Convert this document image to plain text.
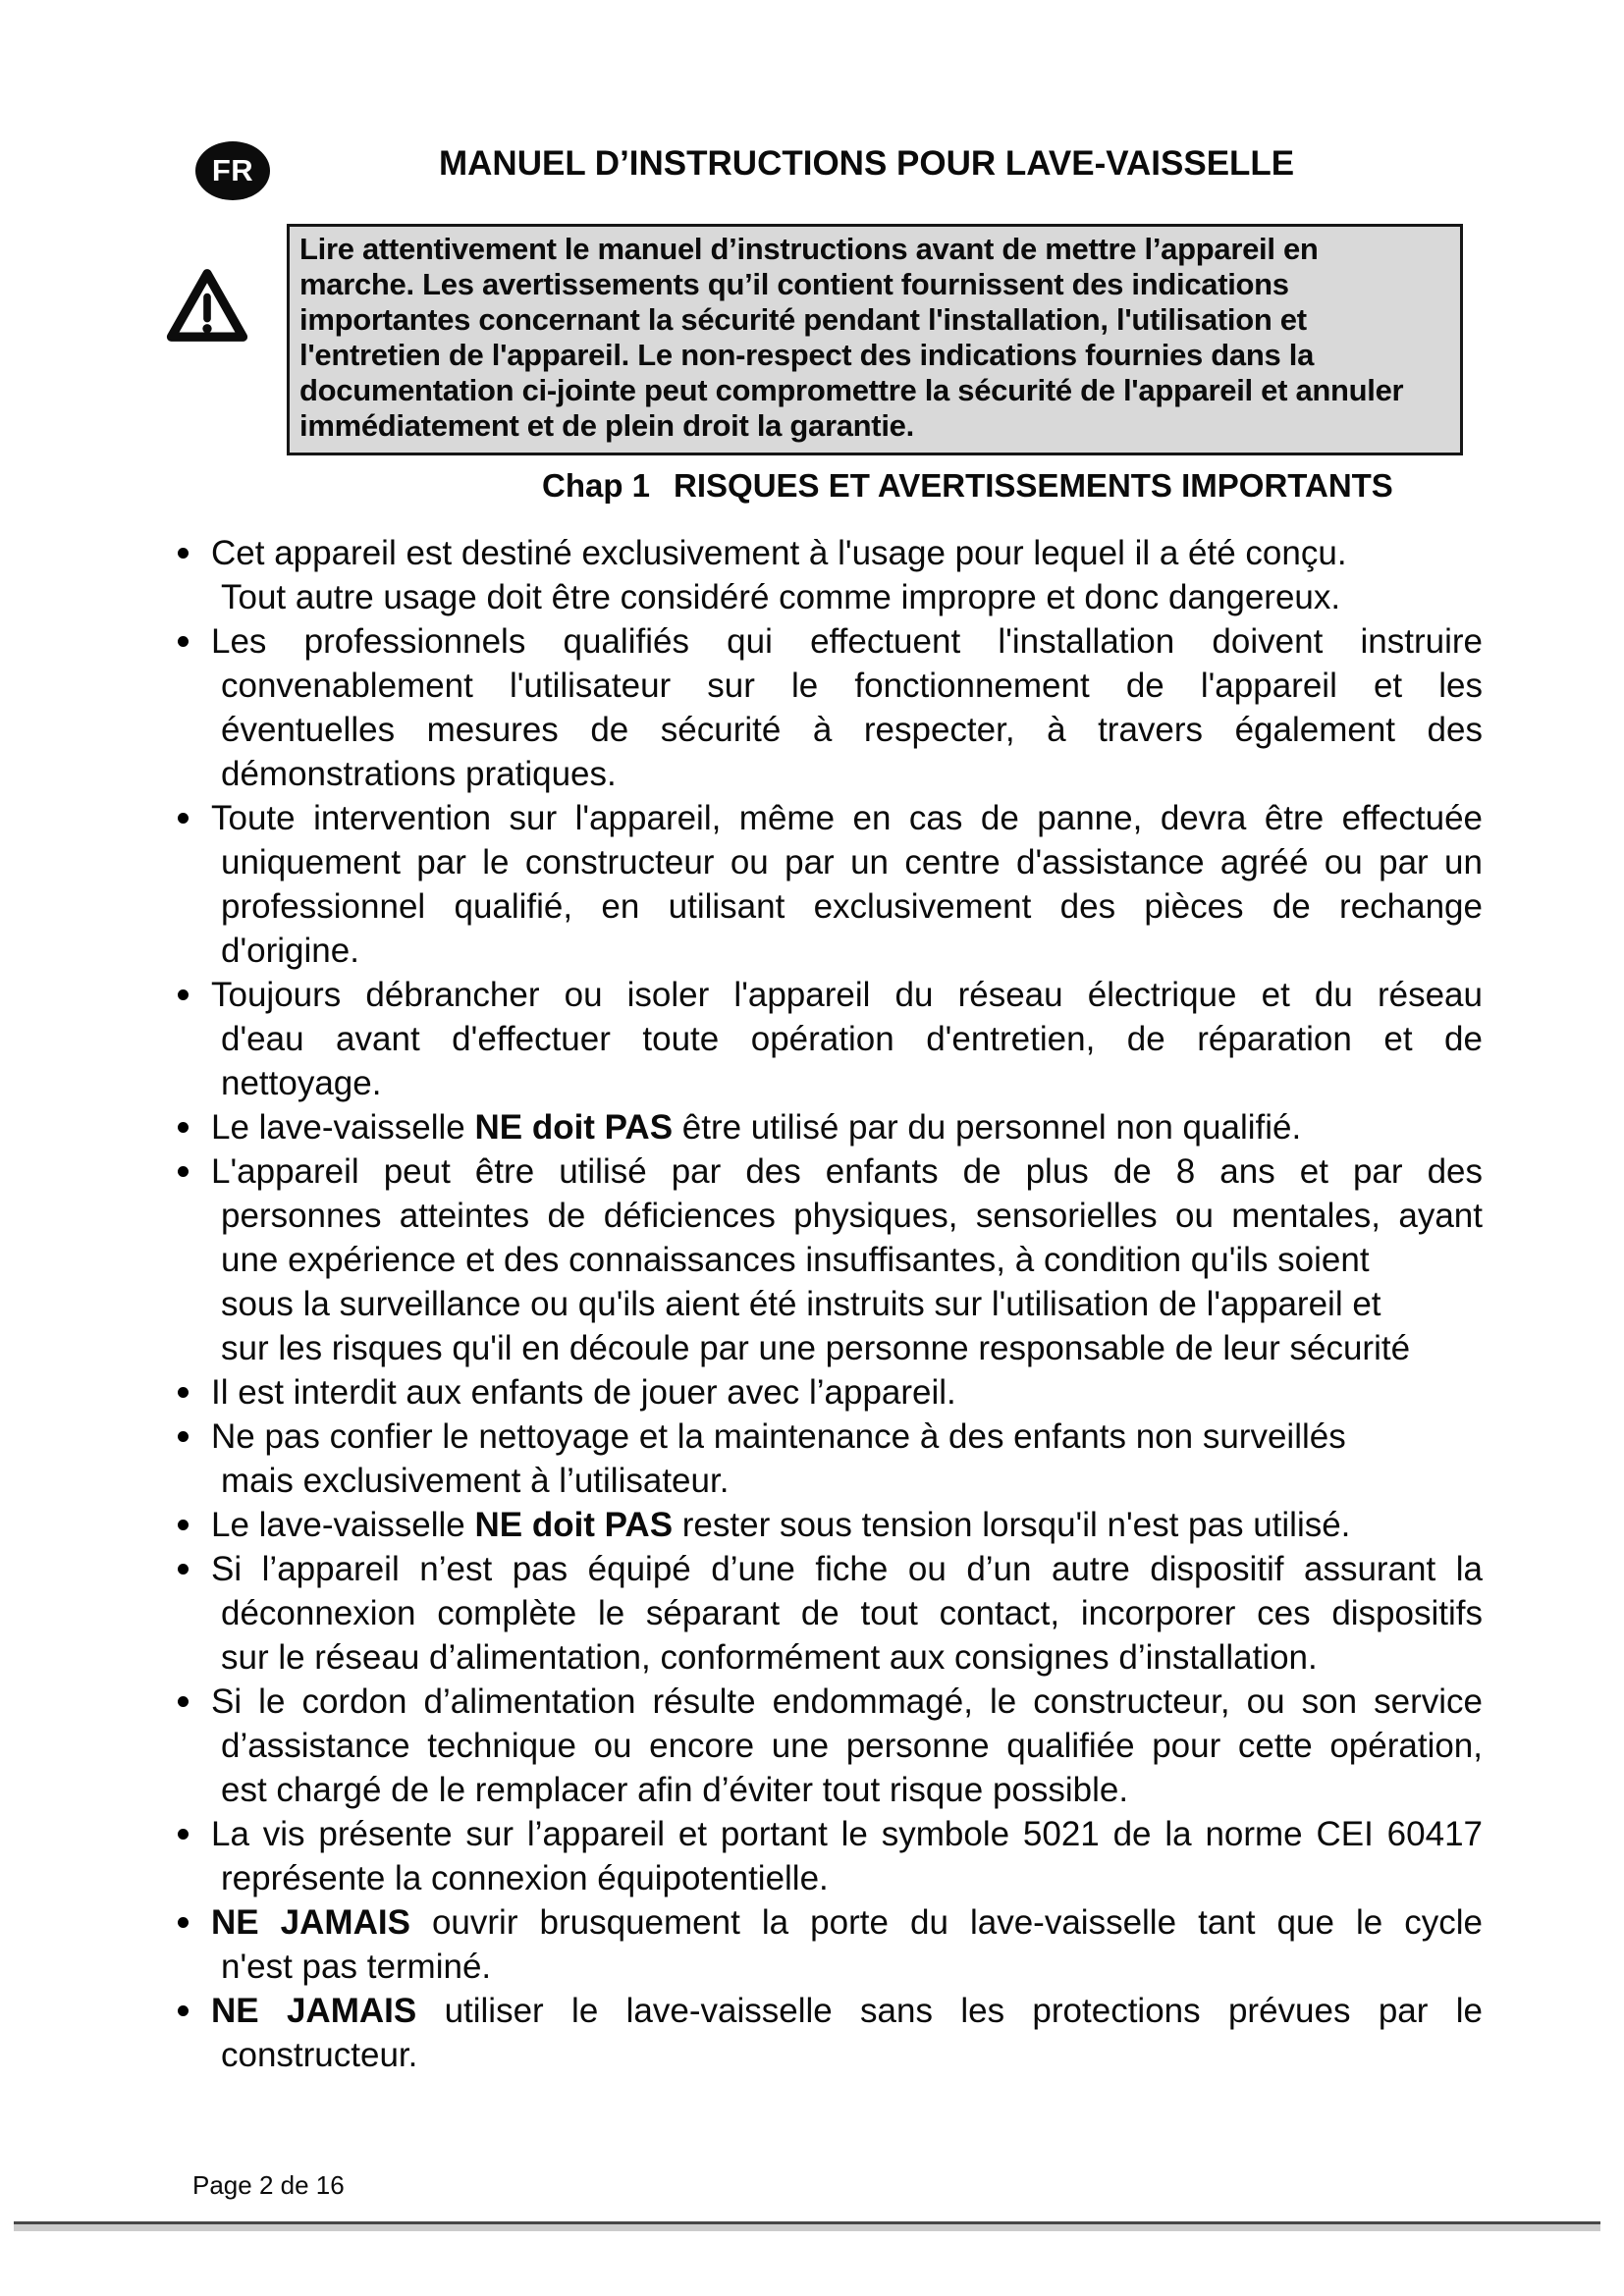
FR	MANUEL D’INSTRUCTIONS POUR LAVE-VAISSELLE
Lire attentivement le manuel d’instructions avant de mettre l’appareil en
marche. Les avertissements qu’il contient fournissent des indications
importantes concernant la sécurité pendant l'installation, l'utilisation et
l'entretien de l'appareil. Le non-respect des indications fournies dans la
documentation ci-jointe peut compromettre la sécurité de l'appareil et annuler
immédiatement et de plein droit la garantie.
Chap 1 RISQUES ET AVERTISSEMENTS IMPORTANTS
Cet appareil est destiné exclusivement à l'usage pour lequel il a été conçu.
Tout autre usage doit être considéré comme impropre et donc dangereux.
Les professionnels qualifiés qui effectuent l'installation doivent instruire
convenablement l'utilisateur sur le fonctionnement de l'appareil et les
éventuelles mesures de sécurité à respecter, à travers également des
démonstrations pratiques.
Toute intervention sur l'appareil, même en cas de panne, devra être effectuée
uniquement par le constructeur ou par un centre d'assistance agréé ou par un
professionnel qualifié, en utilisant exclusivement des pièces de rechange
d'origine.
Toujours débrancher ou isoler l'appareil du réseau électrique et du réseau
d'eau avant d'effectuer toute opération d'entretien, de réparation et de
nettoyage.
Le lave-vaisselle NE doit PAS être utilisé par du personnel non qualifié.
L'appareil peut être utilisé par des enfants de plus de 8 ans et par des
personnes atteintes de déficiences physiques, sensorielles ou mentales, ayant
une expérience et des connaissances insuffisantes, à condition qu'ils soient
sous la surveillance ou qu'ils aient été instruits sur l'utilisation de l'appareil et
sur les risques qu'il en découle par une personne responsable de leur sécurité
Il est interdit aux enfants de jouer avec l’appareil.
Ne pas confier le nettoyage et la maintenance à des enfants non surveillés
mais exclusivement à l’utilisateur.
Le lave-vaisselle NE doit PAS rester sous tension lorsqu'il n'est pas utilisé.
Si l’appareil n’est pas équipé d’une fiche ou d’un autre dispositif assurant la
déconnexion complète le séparant de tout contact, incorporer ces dispositifs
sur le réseau d’alimentation, conformément aux consignes d’installation.
Si le cordon d’alimentation résulte endommagé, le constructeur, ou son service
d’assistance technique ou encore une personne qualifiée pour cette opération,
est chargé de le remplacer afin d’éviter tout risque possible.
La vis présente sur l’appareil et portant le symbole 5021 de la norme CEI 60417
représente la connexion équipotentielle.
NE JAMAIS ouvrir brusquement la porte du lave-vaisselle tant que le cycle
n'est pas terminé.
NE JAMAIS utiliser le lave-vaisselle sans les protections prévues par le
constructeur.
Page 2 de 16
